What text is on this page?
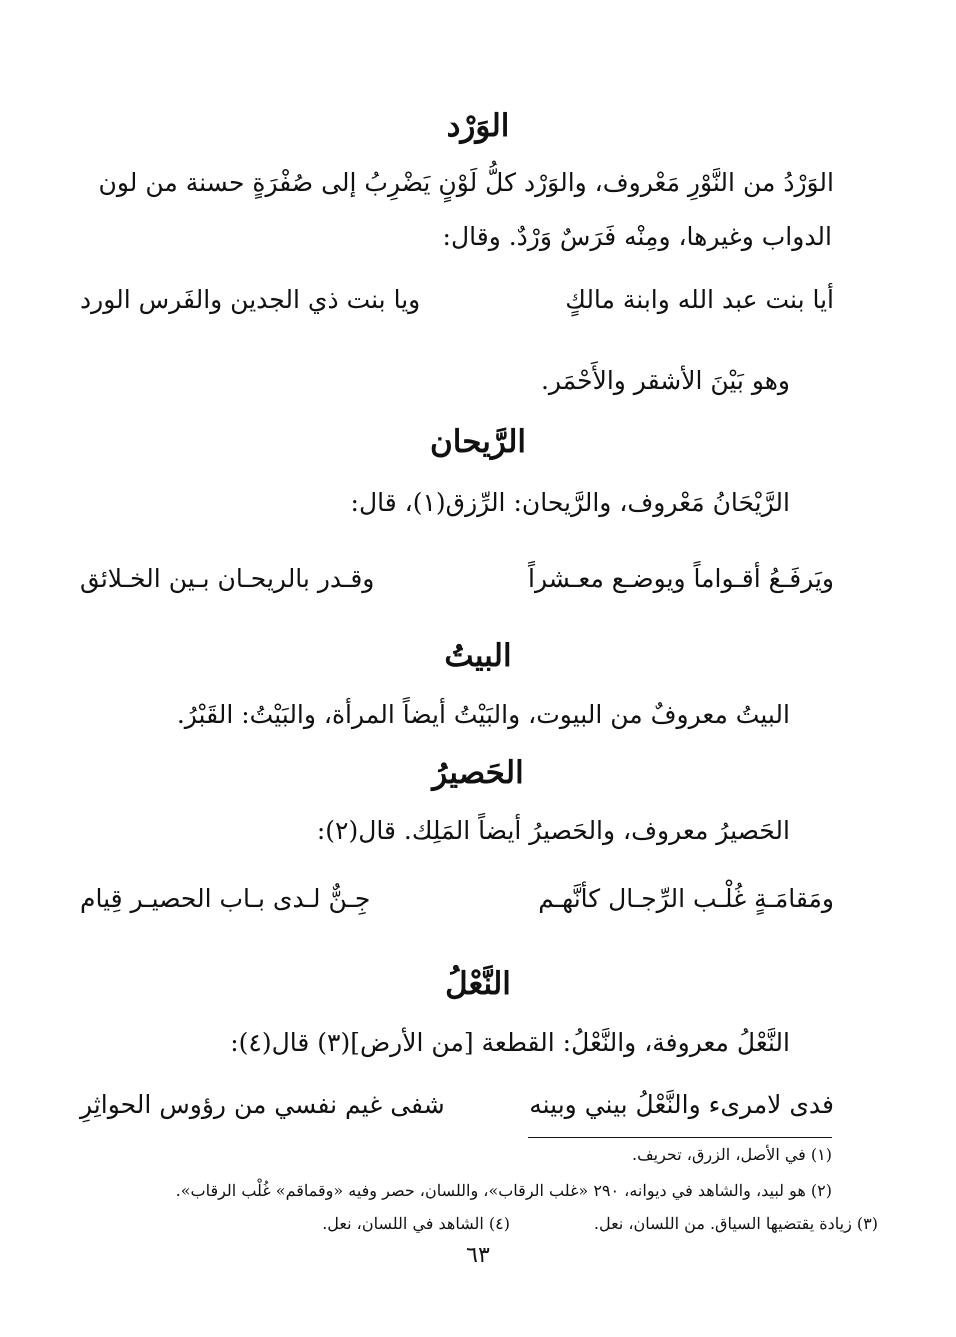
الوَرْد
الوَرْدُ من النَّوْرِ مَعْروف، والوَرْد كلُّ لَوْنٍ يَضْرِبُ إلى صُفْرَةٍ حسنة من لون
الدواب وغيرها، ومِنْه فَرَسٌ وَرْدٌ. وقال:
أيا بنت عبد الله وابنة مالكٍ
ويا بنت ذي الجدين والفَرس الورد
وهو بَيْنَ الأشقر والأَحْمَر.
الرَّيحان
الرَّيْحَانُ مَعْروف، والرَّيحان: الرِّزق(١)، قال:
ويَرفَـعُ أقـواماً ويوضـع معـشراً
وقـدر بالريحـان بـين الخـلائق
البيتُ
البيتُ معروفٌ من البيوت، والبَيْتُ أيضاً المرأة، والبَيْتُ: القَبْرُ.
الحَصيرُ
الحَصيرُ معروف، والحَصيرُ أيضاً المَلِك. قال(٢):
ومَقامَـةٍ غُلْـب الرِّجـال كأنَّهـم
جِـنٌّ لـدى بـاب الحصيـر قِيام
النَّعْلُ
النَّعْلُ معروفة، والنَّعْلُ: القطعة [من الأرض](٣) قال(٤):
فدى لامرىء والنَّعْلُ بيني وبينه
شفى غيم نفسي من رؤوس الحواثِرِ
(١) في الأصل، الزرق، تحريف.
(٢) هو لبيد، والشاهد في ديوانه، ٢٩٠ «غلب الرقاب»، واللسان، حصر وفيه «وقماقم» غُلْب الرقاب».
(٣) زيادة يقتضيها السياق. من اللسان، نعل.
(٤) الشاهد في اللسان، نعل.
٦٣
